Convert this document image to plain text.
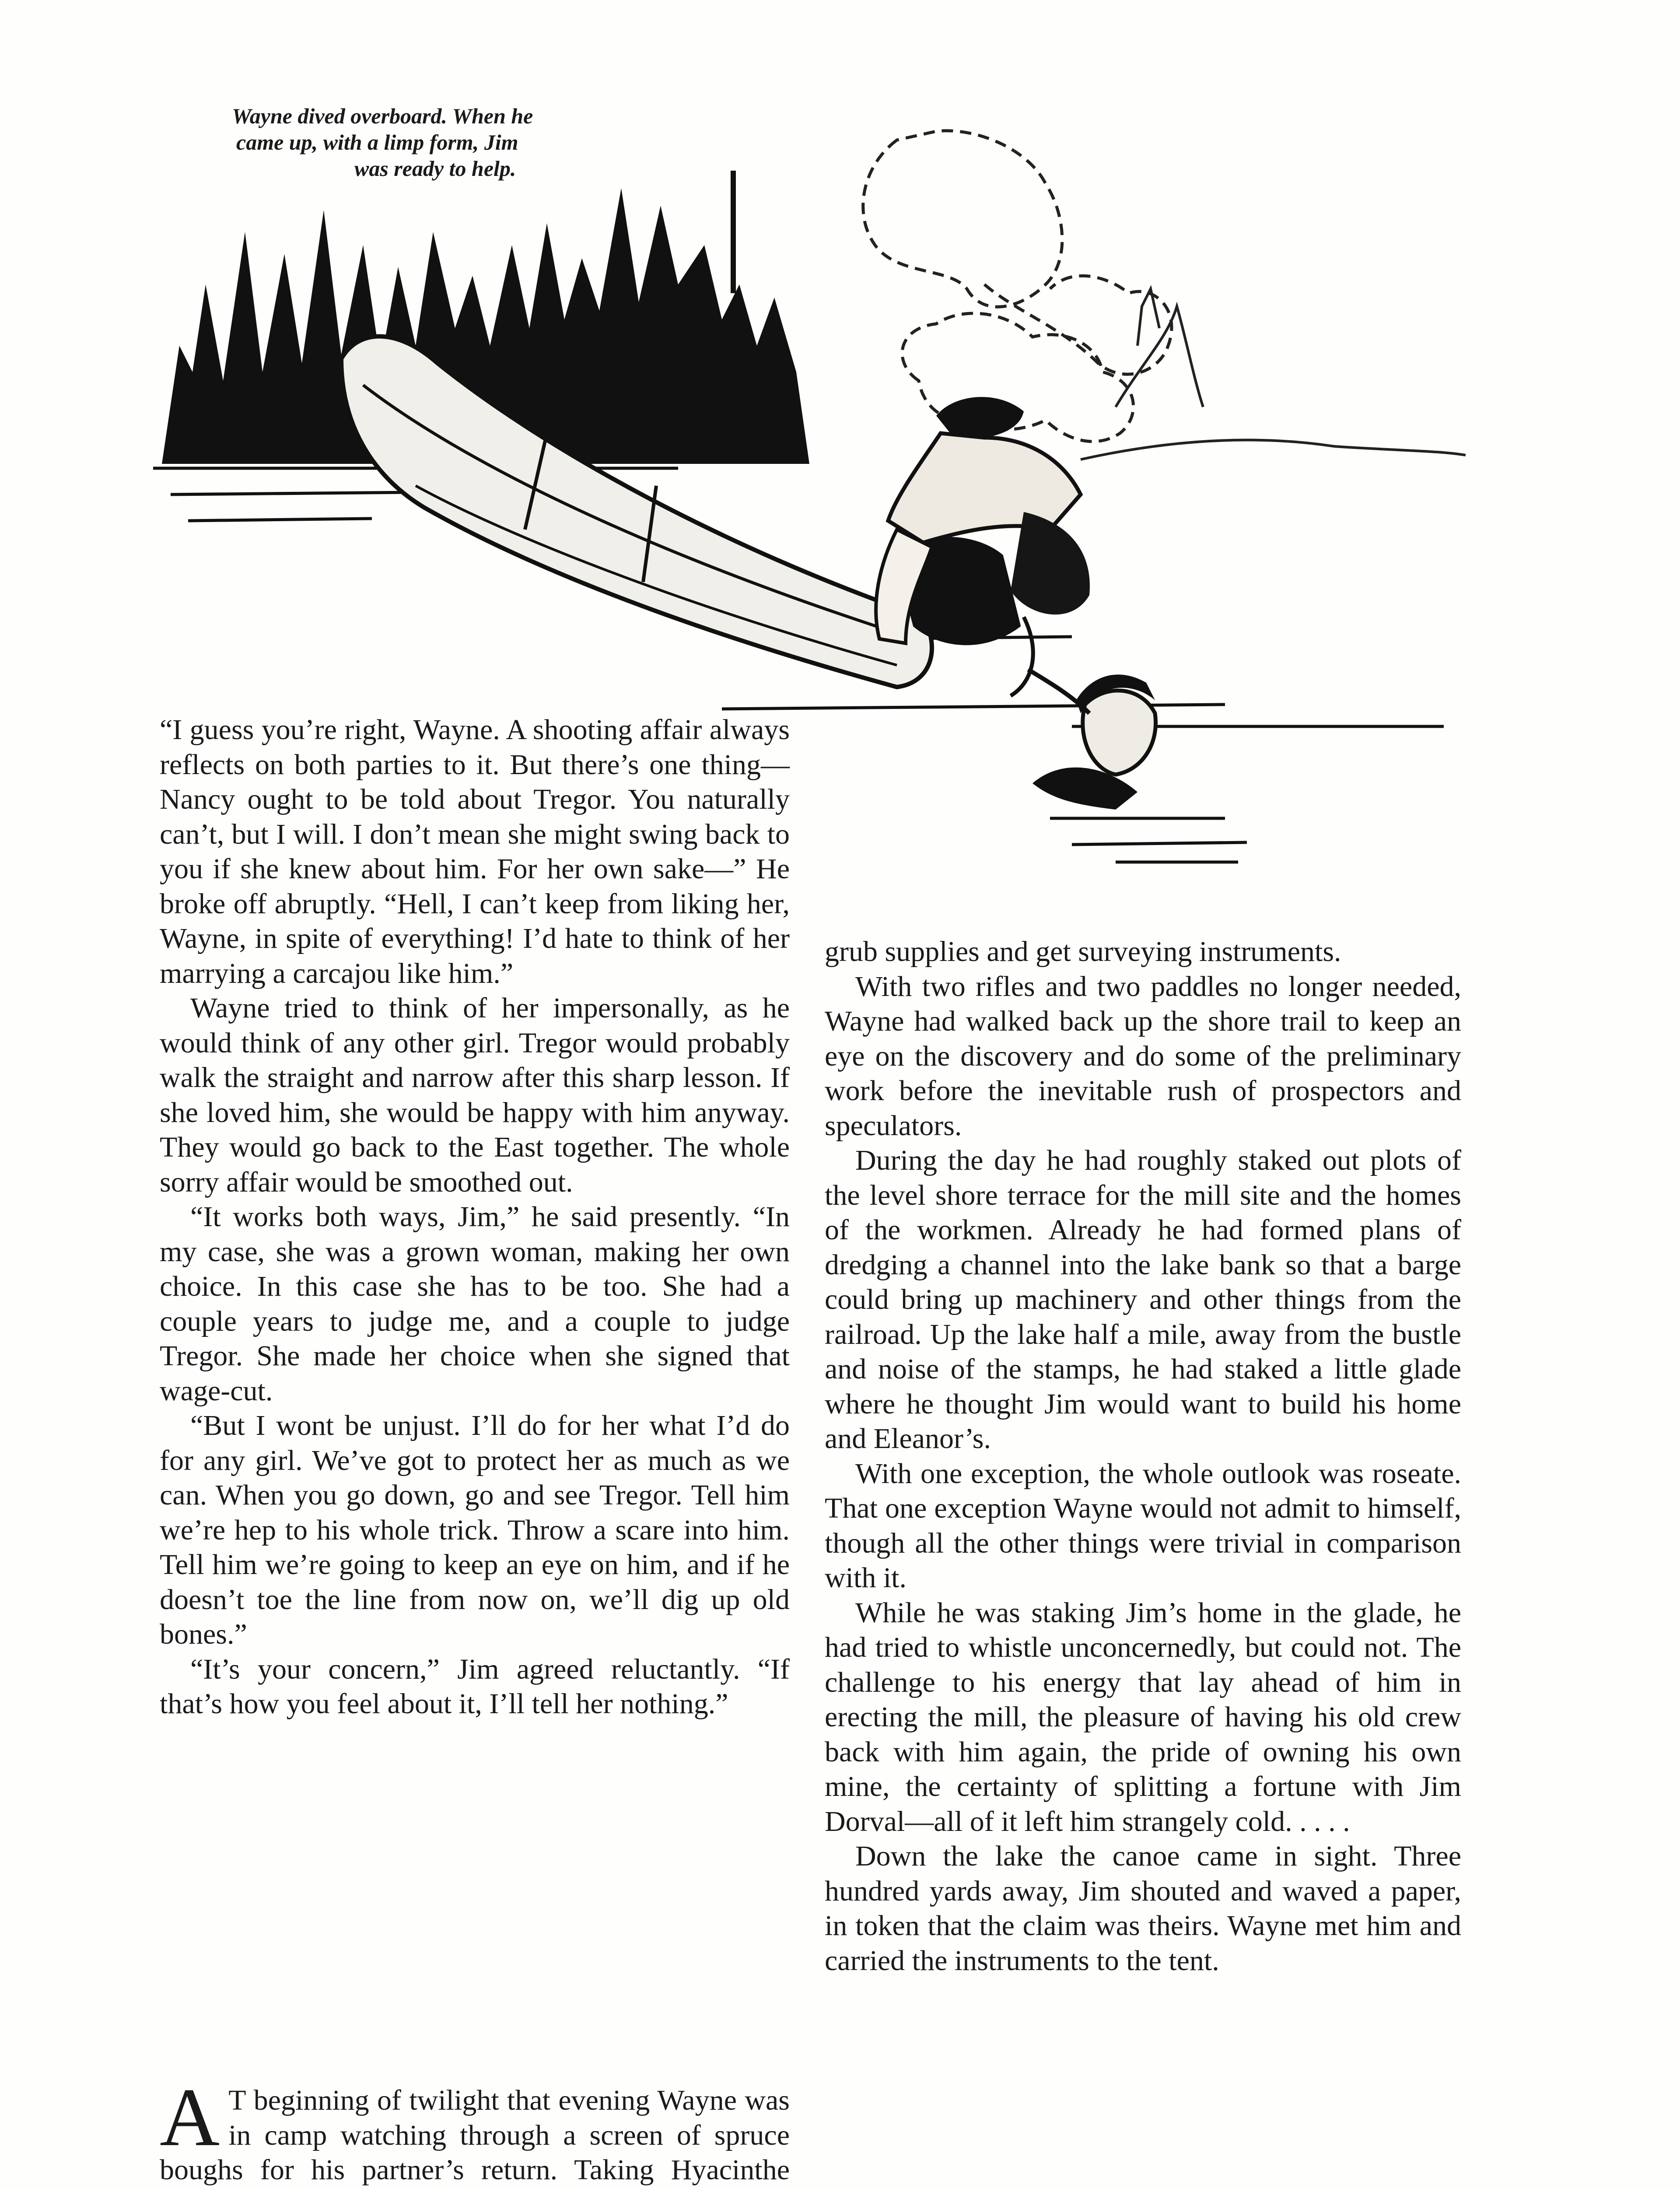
Wayne dived overboard. When he
came up, with a limp form, Jim
was ready to help.

“I guess you’re right, Wayne. A shooting affair always reflects on both parties to it. But there’s one thing—Nancy ought to be told about Tregor. You naturally can’t, but I will. I don’t mean she might swing back to you if she knew about him. For her own sake—” He broke off abruptly. “Hell, I can’t keep from liking her, Wayne, in spite of everything! I’d hate to think of her marrying a carcajou like him.”

Wayne tried to think of her impersonally, as he would think of any other girl. Tregor would probably walk the straight and narrow after this sharp lesson. If she loved him, she would be happy with him anyway. They would go back to the East together. The whole sorry affair would be smoothed out.

“It works both ways, Jim,” he said presently. “In my case, she was a grown woman, making her own choice. In this case she has to be too. She had a couple years to judge me, and a couple to judge Tregor. She made her choice when she signed that wage-cut.

“But I wont be unjust. I’ll do for her what I’d do for any girl. We’ve got to protect her as much as we can. When you go down, go and see Tregor. Tell him we’re hep to his whole trick. Throw a scare into him. Tell him we’re going to keep an eye on him, and if he doesn’t toe the line from now on, we’ll dig up old bones.”

“It’s your concern,” Jim agreed reluctantly. “If that’s how you feel about it, I’ll tell her nothing.”

A T beginning of twilight that evening Wayne was in camp watching through a screen of spruce boughs for his partner’s return. Taking Hyacinthe

grub supplies and get surveying instruments.

With two rifles and two paddles no longer needed, Wayne had walked back up the shore trail to keep an eye on the discovery and do some of the preliminary work before the inevitable rush of prospectors and speculators.

During the day he had roughly staked out plots of the level shore terrace for the mill site and the homes of the workmen. Already he had formed plans of dredging a channel into the lake bank so that a barge could bring up machinery and other things from the railroad. Up the lake half a mile, away from the bustle and noise of the stamps, he had staked a little glade where he thought Jim would want to build his home and Eleanor’s.

With one exception, the whole outlook was roseate. That one exception Wayne would not admit to himself, though all the other things were trivial in comparison with it.

While he was staking Jim’s home in the glade, he had tried to whistle unconcernedly, but could not. The challenge to his energy that lay ahead of him in erecting the mill, the pleasure of having his old crew back with him again, the pride of owning his own mine, the certainty of splitting a fortune with Jim Dorval—all of it left him strangely cold. . . . .

Down the lake the canoe came in sight. Three hundred yards away, Jim shouted and waved a paper, in token that the claim was theirs. Wayne met him and carried the instruments to the tent.
